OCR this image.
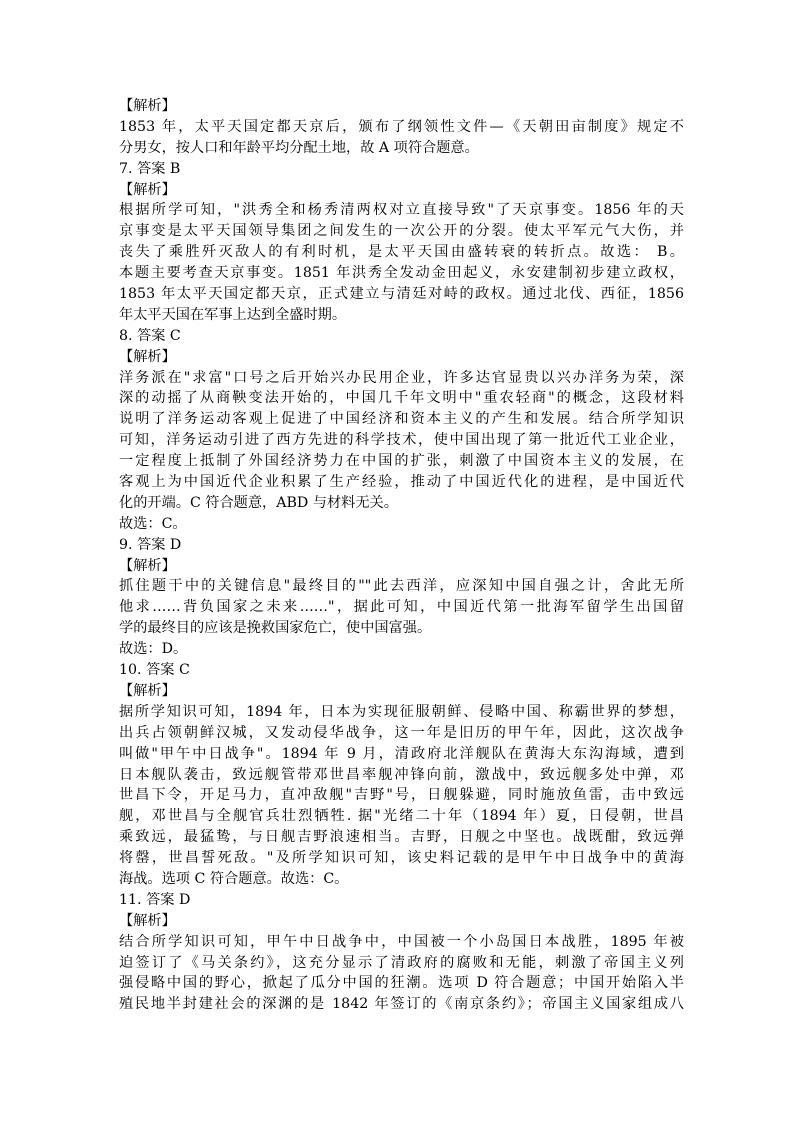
【解析】
1853 年，太平天国定都天京后，颁布了纲领性文件—《天朝田亩制度》规定不
分男女，按人口和年龄平均分配土地，故 A 项符合题意。
7. 答案 B
【解析】
根据所学可知，"洪秀全和杨秀清两权对立直接导致"了天京事变。1856 年的天
京事变是太平天国领导集团之间发生的一次公开的分裂。使太平军元气大伤，并
丧失了乘胜歼灭敌人的有利时机，是太平天国由盛转衰的转折点。故选： B。
本题主要考查天京事变。1851 年洪秀全发动金田起义，永安建制初步建立政权，
1853 年太平天国定都天京，正式建立与清廷对峙的政权。通过北伐、西征，1856
年太平天国在军事上达到全盛时期。
8. 答案 C
【解析】
洋务派在"求富"口号之后开始兴办民用企业，许多达官显贵以兴办洋务为荣，深
深的动摇了从商鞅变法开始的，中国几千年文明中"重农轻商"的概念，这段材料
说明了洋务运动客观上促进了中国经济和资本主义的产生和发展。结合所学知识
可知，洋务运动引进了西方先进的科学技术，使中国出现了第一批近代工业企业，
一定程度上抵制了外国经济势力在中国的扩张，刺激了中国资本主义的发展，在
客观上为中国近代企业积累了生产经验，推动了中国近代化的进程，是中国近代
化的开端。C 符合题意，ABD 与材料无关。
故选：C。
9. 答案 D
【解析】
抓住题干中的关键信息"最终目的""此去西洋，应深知中国自强之计，舍此无所
他求……背负国家之未来……"，据此可知，中国近代第一批海军留学生出国留
学的最终目的应该是挽救国家危亡，使中国富强。
故选：D。
10. 答案 C
【解析】
据所学知识可知，1894 年，日本为实现征服朝鲜、侵略中国、称霸世界的梦想，
出兵占领朝鲜汉城，又发动侵华战争，这一年是旧历的甲午年，因此，这次战争
叫做"甲午中日战争"。1894 年 9 月，清政府北洋舰队在黄海大东沟海域，遭到
日本舰队袭击，致远舰管带邓世昌率舰冲锋向前，激战中，致远舰多处中弹，邓
世昌下令，开足马力，直冲敌舰"吉野"号，日舰躲避，同时施放鱼雷，击中致远
舰，邓世昌与全舰官兵壮烈牺牲. 据"光绪二十年（1894 年）夏，日侵朝，世昌
乘致远，最猛鸷，与日舰吉野浪速相当。吉野，日舰之中坚也。战既酣，致远弹
将罄，世昌誓死敌。"及所学知识可知，该史料记载的是甲午中日战争中的黄海
海战。选项 C 符合题意。故选：C。
11. 答案 D
【解析】
结合所学知识可知，甲午中日战争中，中国被一个小岛国日本战胜，1895 年被
迫签订了《马关条约》，这充分显示了清政府的腐败和无能，刺激了帝国主义列
强侵略中国的野心，掀起了瓜分中国的狂潮。选项 D 符合题意；中国开始陷入半
殖民地半封建社会的深渊的是 1842 年签订的《南京条约》；帝国主义国家组成八
